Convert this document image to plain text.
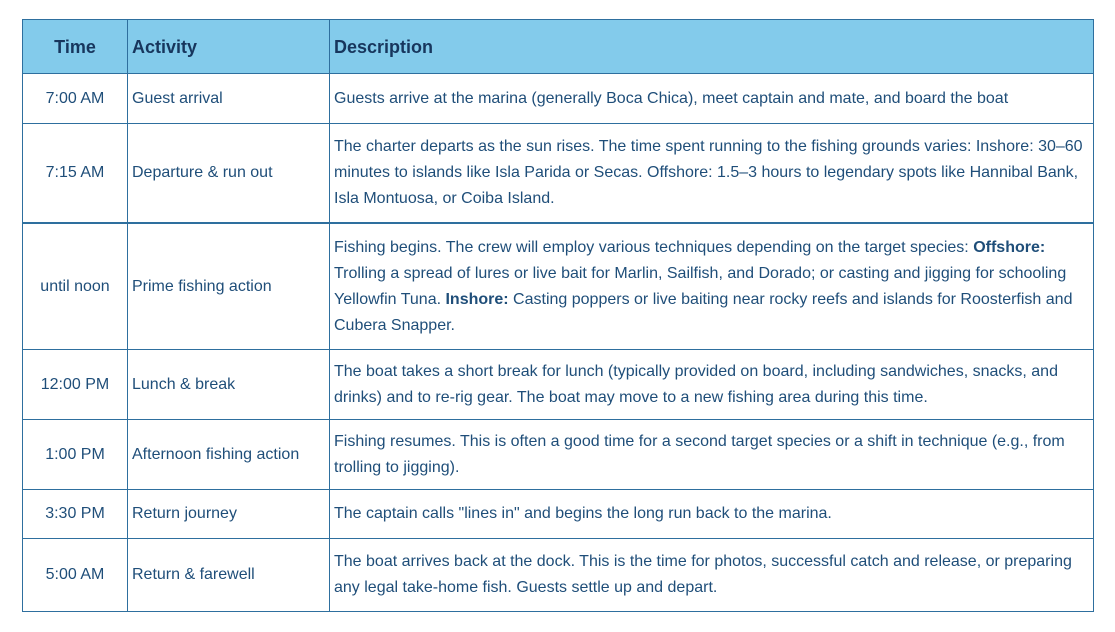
Time	Activity	Description
7:00 AM	Guest arrival	Guests arrive at the marina (generally Boca Chica), meet captain and mate, and board the boat
7:15 AM	Departure & run out	The charter departs as the sun rises. The time spent running to the fishing grounds varies: Inshore: 30–60 minutes to islands like Isla Parida or Secas. Offshore: 1.5–3 hours to legendary spots like Hannibal Bank, Isla Montuosa, or Coiba Island.
until noon	Prime fishing action	Fishing begins. The crew will employ various techniques depending on the target species: Offshore: Trolling a spread of lures or live bait for Marlin, Sailfish, and Dorado; or casting and jigging for schooling Yellowfin Tuna. Inshore: Casting poppers or live baiting near rocky reefs and islands for Roosterfish and Cubera Snapper.
12:00 PM	Lunch & break	The boat takes a short break for lunch (typically provided on board, including sandwiches, snacks, and drinks) and to re-rig gear. The boat may move to a new fishing area during this time.
1:00 PM	Afternoon fishing action	Fishing resumes. This is often a good time for a second target species or a shift in technique (e.g., from trolling to jigging).
3:30 PM	Return journey	The captain calls "lines in" and begins the long run back to the marina.
5:00 AM	Return & farewell	The boat arrives back at the dock. This is the time for photos, successful catch and release, or preparing any legal take-home fish. Guests settle up and depart.
